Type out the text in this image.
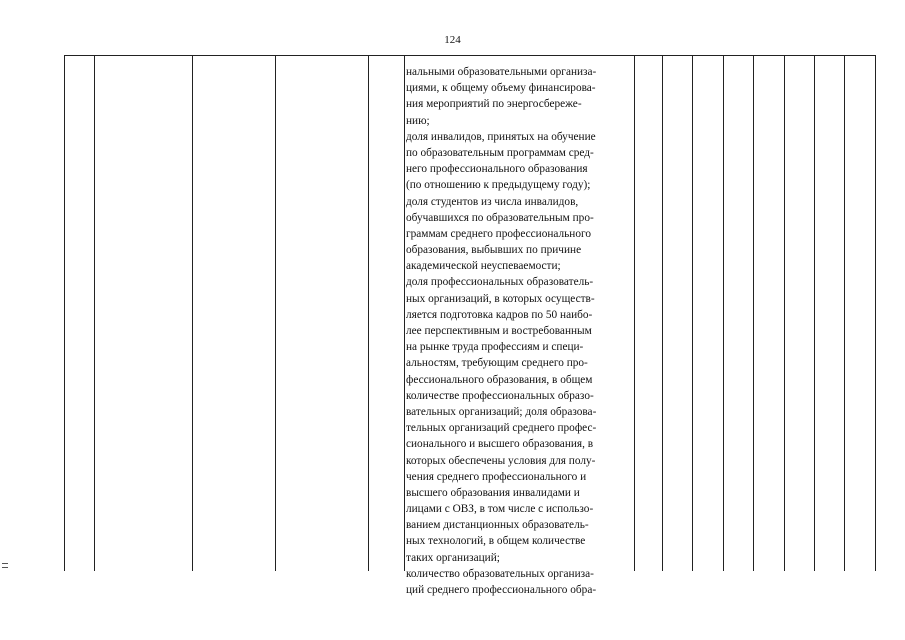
124
нальными образовательными организа-
циями, к общему объему финансирова-
ния мероприятий по энергосбереже-
нию;
доля инвалидов, принятых на обучение
по образовательным программам сред-
него профессионального образования
(по отношению к предыдущему году);
доля студентов из числа инвалидов,
обучавшихся по образовательным про-
граммам среднего профессионального
образования, выбывших по причине
академической неуспеваемости;
доля профессиональных образователь-
ных организаций, в которых осуществ-
ляется подготовка кадров по 50 наибо-
лее перспективным и востребованным
на рынке труда профессиям и специ-
альностям, требующим среднего про-
фессионального образования, в общем
количестве профессиональных образо-
вательных организаций; доля образова-
тельных организаций среднего профес-
сионального и высшего образования, в
которых обеспечены условия для полу-
чения среднего профессионального и
высшего образования инвалидами и
лицами с ОВЗ, в том числе с использо-
ванием дистанционных образователь-
ных технологий, в общем количестве
таких организаций;
количество образовательных организа-
ций среднего профессионального обра-
